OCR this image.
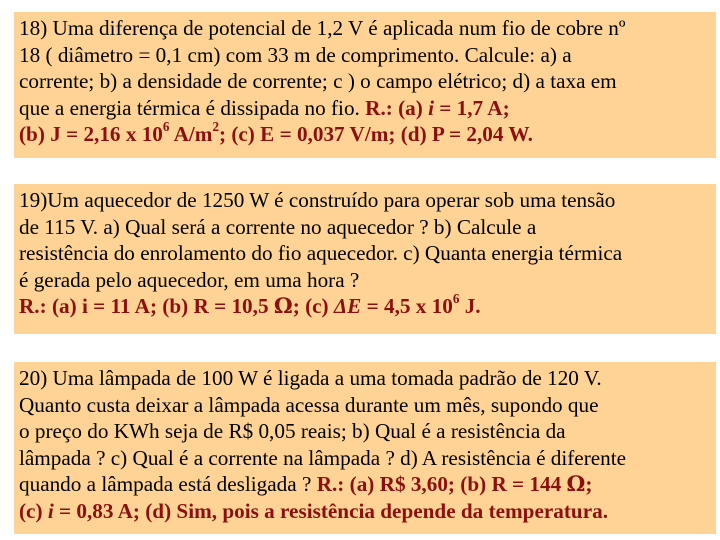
18) Uma diferença de potencial de 1,2 V é aplicada num fio de cobre nº
18 ( diâmetro = 0,1 cm) com 33 m de comprimento. Calcule: a) a
corrente; b) a densidade de corrente; c ) o campo elétrico; d) a taxa em
que a energia térmica é dissipada no fio. R.: (a) i = 1,7 A;
(b) J = 2,16 x $10^6$ $A/m^2$; (c) E = 0,037 V/m; (d) P = 2,04 W.
19)Um aquecedor de 1250 W é construído para operar sob uma tensão
de 115 V. a) Qual será a corrente no aquecedor ? b) Calcule a
resistência do enrolamento do fio aquecedor. c) Quanta energia térmica
é gerada pelo aquecedor, em uma hora ?
R.: (a) i = 11 A; (b) R = 10,5 Ω; (c) ΔE = 4,5 x $10^6$ J.
20) Uma lâmpada de 100 W é ligada a uma tomada padrão de 120 V.
Quanto custa deixar a lâmpada acessa durante um mês, supondo que
o preço do KWh seja de R$ 0,05 reais; b) Qual é a resistência da
lâmpada ? c) Qual é a corrente na lâmpada ? d) A resistência é diferente
quando a lâmpada está desligada ? R.: (a) R$ 3,60; (b) R = 144 Ω;
(c) i = 0,83 A; (d) Sim, pois a resistência depende da temperatura.
